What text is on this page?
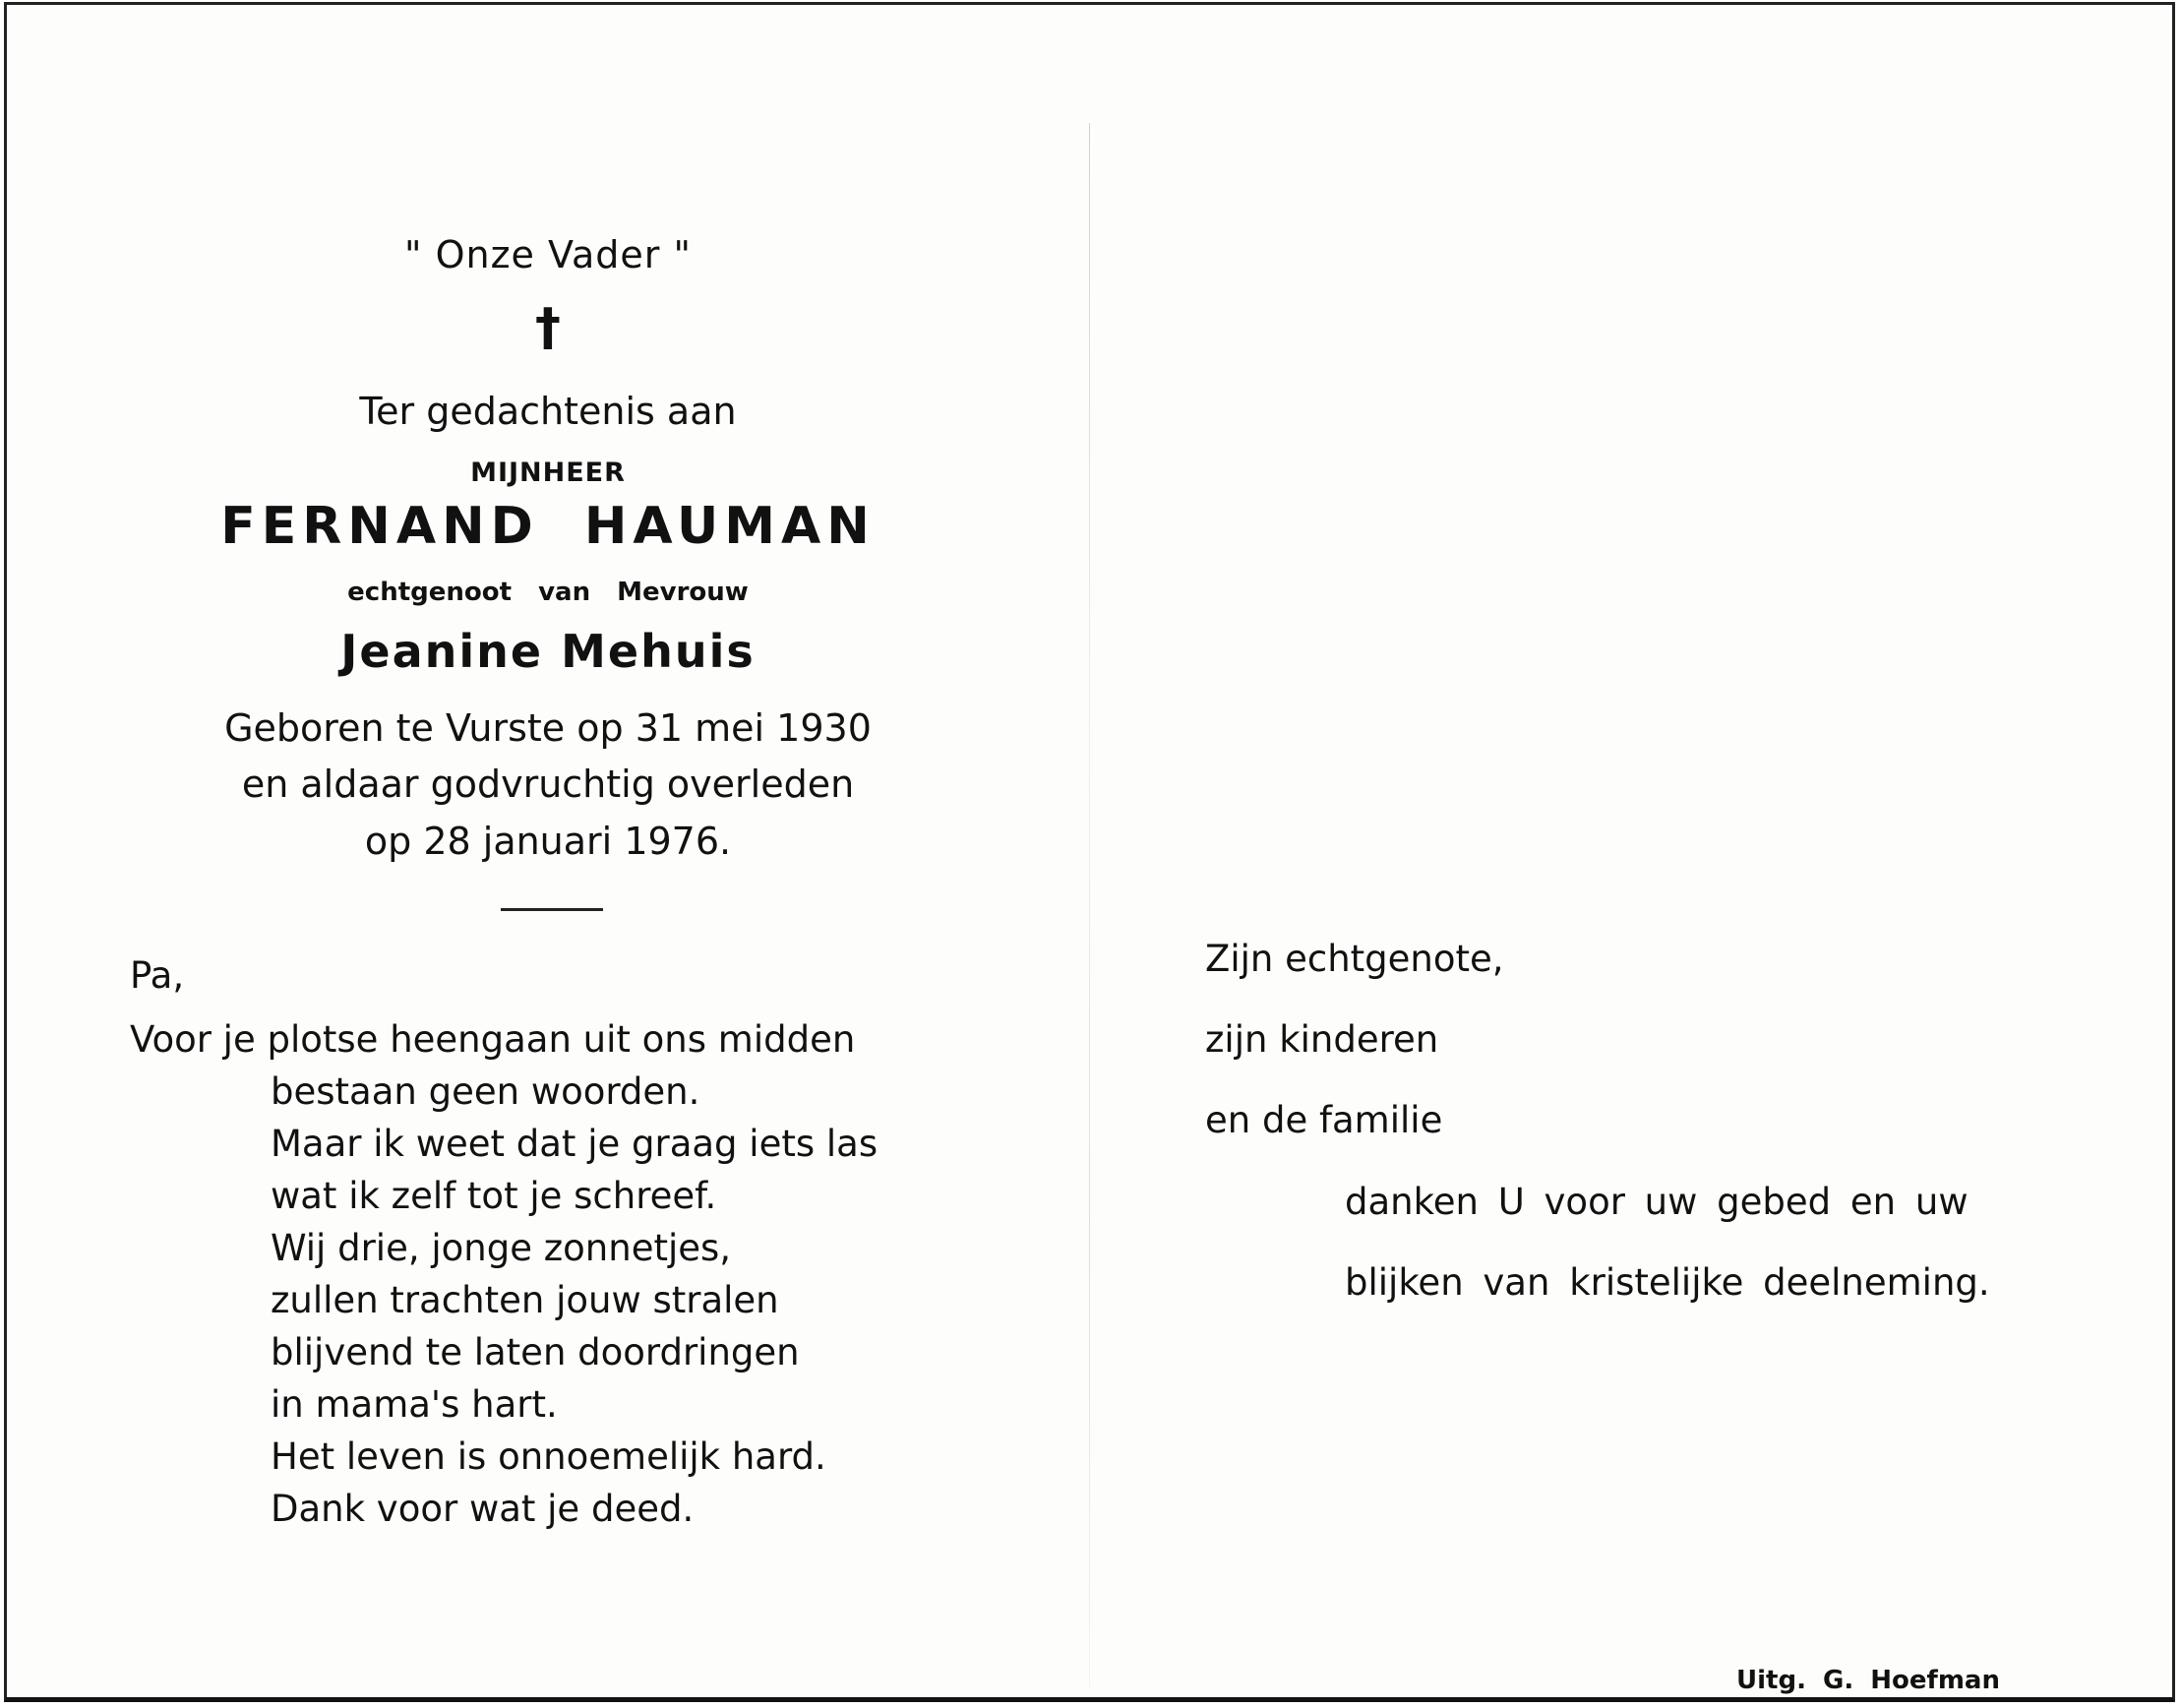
" Onze Vader "
†
Ter gedachtenis aan
MIJNHEER
FERNAND HAUMAN
echtgenoot van Mevrouw
Jeanine Mehuis
Geboren te Vurste op 31 mei 1930
en aldaar godvruchtig overleden
op 28 januari 1976.
Pa,
Voor je plotse heengaan uit ons midden
bestaan geen woorden.
Maar ik weet dat je graag iets las
wat ik zelf tot je schreef.
Wij drie, jonge zonnetjes,
zullen trachten jouw stralen
blijvend te laten doordringen
in mama's hart.
Het leven is onnoemelijk hard.
Dank voor wat je deed.
Zijn echtgenote,
zijn kinderen
en de familie
danken U voor uw gebed en uw
blijken van kristelijke deelneming.
Uitg. G. Hoefman
